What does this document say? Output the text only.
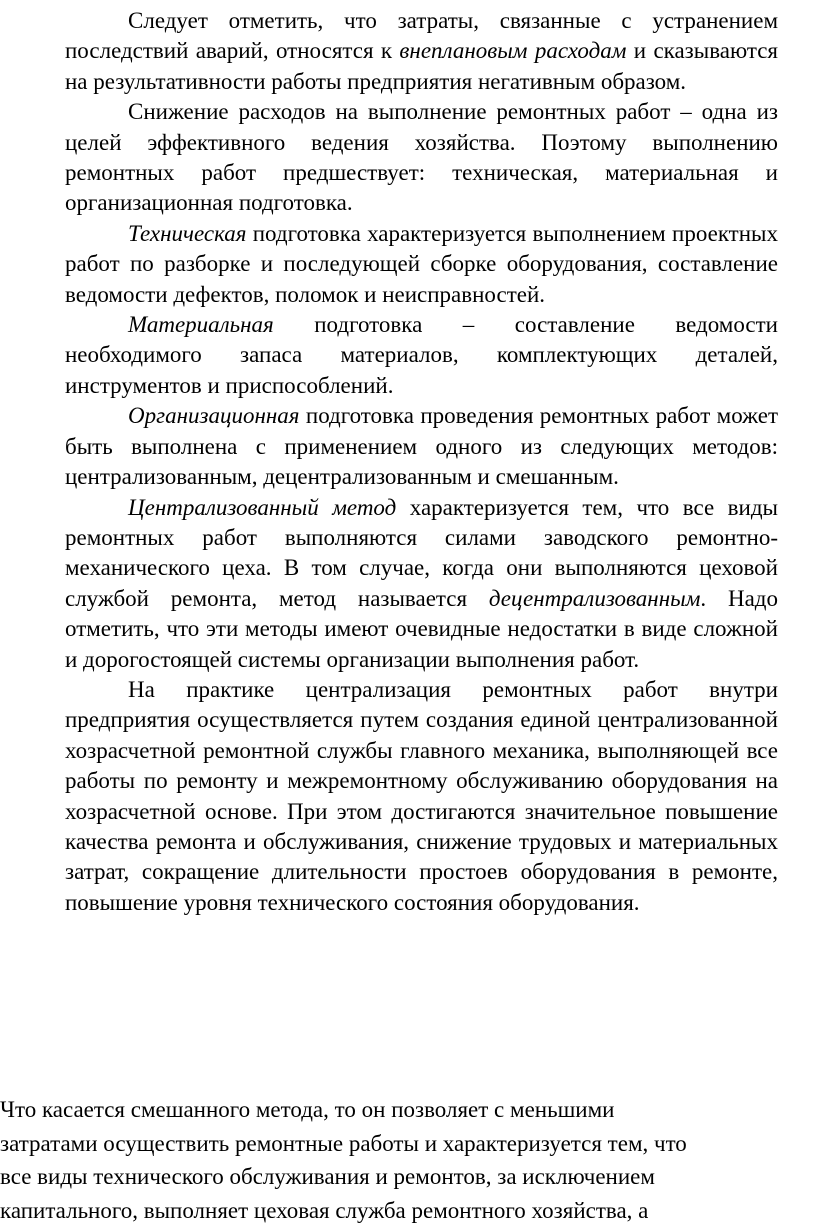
Следует отметить, что затраты, связанные с устранением последствий аварий, относятся к внеплановым расходам и сказываются на результативности работы предприятия негативным образом.

Снижение расходов на выполнение ремонтных работ – одна из целей эффективного ведения хозяйства. Поэтому выполнению ремонтных работ предшествует: техническая, материальная и организационная подготовка.

Техническая подготовка характеризуется выполнением проектных работ по разборке и последующей сборке оборудования, составление ведомости дефектов, поломок и неисправностей.

Материальная подготовка – составление ведомости необходимого запаса материалов, комплектующих деталей, инструментов и приспособлений.

Организационная подготовка проведения ремонтных работ может быть выполнена с применением одного из следующих методов: централизованным, децентрализованным и смешанным.

Централизованный метод характеризуется тем, что все виды ремонтных работ выполняются силами заводского ремонтно- механического цеха. В том случае, когда они выполняются цеховой службой ремонта, метод называется децентрализованным. Надо отметить, что эти методы имеют очевидные недостатки в виде сложной и дорогостоящей системы организации выполнения работ.

На практике централизация ремонтных работ внутри предприятия осуществляется путем создания единой централизованной хозрасчетной ремонтной службы главного механика, выполняющей все работы по ремонту и межремонтному обслуживанию оборудования на хозрасчетной основе. При этом достигаются значительное повышение качества ремонта и обслуживания, снижение трудовых и материальных затрат, сокращение длительности простоев оборудования в ремонте, повышение уровня технического состояния оборудования.

Что касается смешанного метода, то он позволяет с меньшими
затратами осуществить ремонтные работы и характеризуется тем, что
все виды технического обслуживания и ремонтов, за исключением
капитального, выполняет цеховая служба ремонтного хозяйства, а
